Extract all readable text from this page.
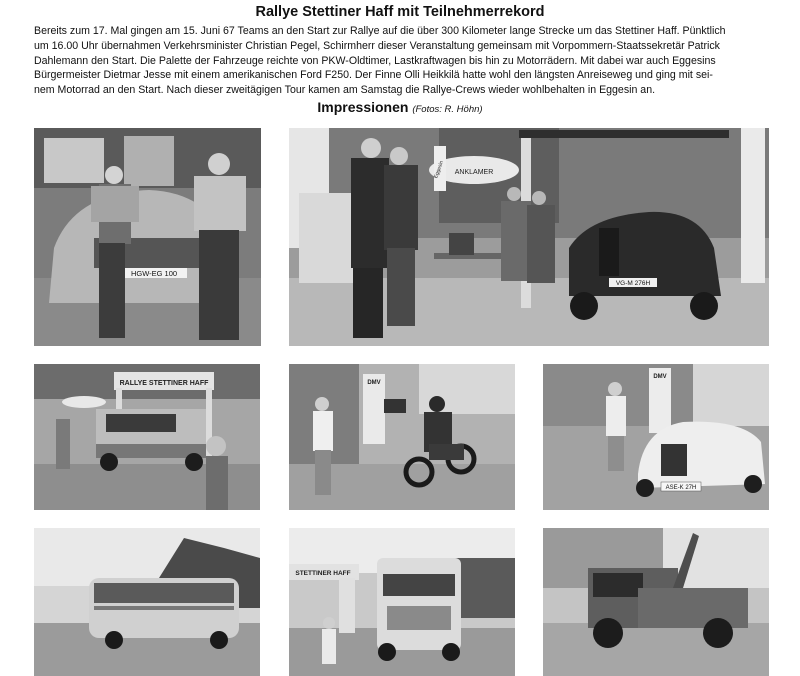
Rallye Stettiner Haff mit Teilnehmerrekord
Bereits zum 17. Mal gingen am 15. Juni 67 Teams an den Start zur Rallye auf die über 300 Kilometer lange Strecke um das Stettiner Haff. Pünktlich
um 16.00 Uhr übernahmen Verkehrsminister Christian Pegel, Schirmherr dieser Veranstaltung gemeinsam mit Vorpommern-Staatssekretär Patrick
Dahlemann den Start. Die Palette der Fahrzeuge reichte von PKW-Oldtimer, Lastkraftwagen bis hin zu Motorrädern. Mit dabei war auch Eggesins
Bürgermeister Dietmar Jesse mit einem amerikanischen Ford F250. Der Finne Olli Heikkilä hatte wohl den längsten Anreiseweg und ging mit sei-
nem Motorrad an den Start. Nach dieser zweitägigen Tour kamen am Samstag die Rallye-Crews wieder wohlbehalten in Eggesin an.
Impressionen (Fotos: R. Höhn)
HGW-EG 100
ANKLAMER
Eggesin
VG-M 276H
RALLYE STETTINER HAFF	DMV
DMV
ASE-K 27H
STETTINER HAFF
